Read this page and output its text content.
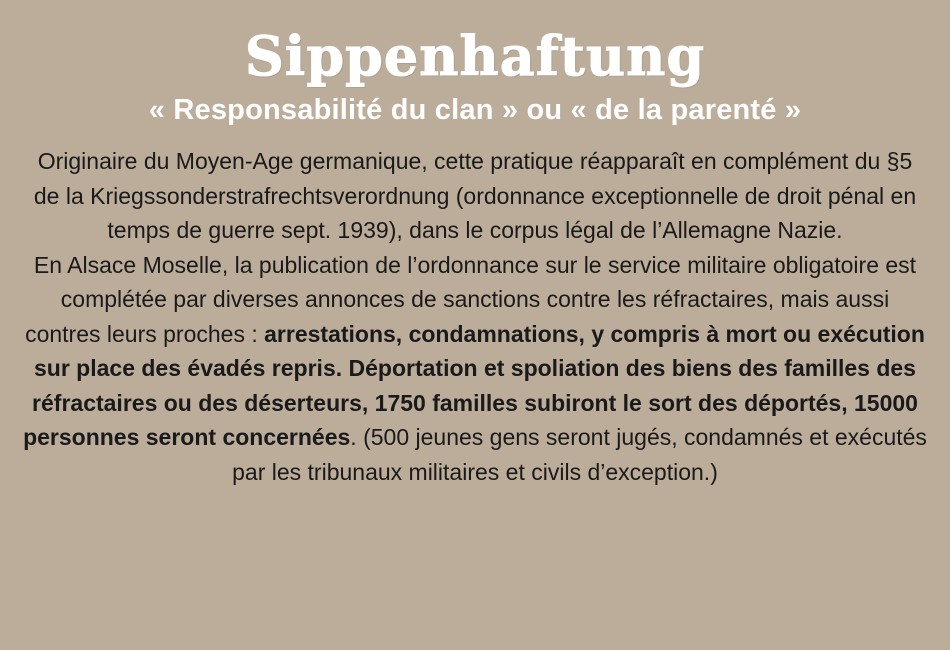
Sippenhaftung
« Responsabilité du clan » ou « de la parenté »

Originaire du Moyen-Age germanique, cette pratique réapparaît en complément du §5 de la Kriegssonderstrafrechtsverordnung (ordonnance exceptionnelle de droit pénal en temps de guerre sept. 1939), dans le corpus légal de l’Allemagne Nazie.

En Alsace Moselle, la publication de l’ordonnance sur le service militaire obligatoire est complétée par diverses annonces de sanctions contre les réfractaires, mais aussi contres leurs proches : arrestations, condamnations, y compris à mort ou exécution sur place des évadés repris. Déportation et spoliation des biens des familles des réfractaires ou des déserteurs, 1750 familles subiront le sort des déportés, 15000 personnes seront concernées. (500 jeunes gens seront jugés, condamnés et exécutés par les tribunaux militaires et civils d’exception.)
